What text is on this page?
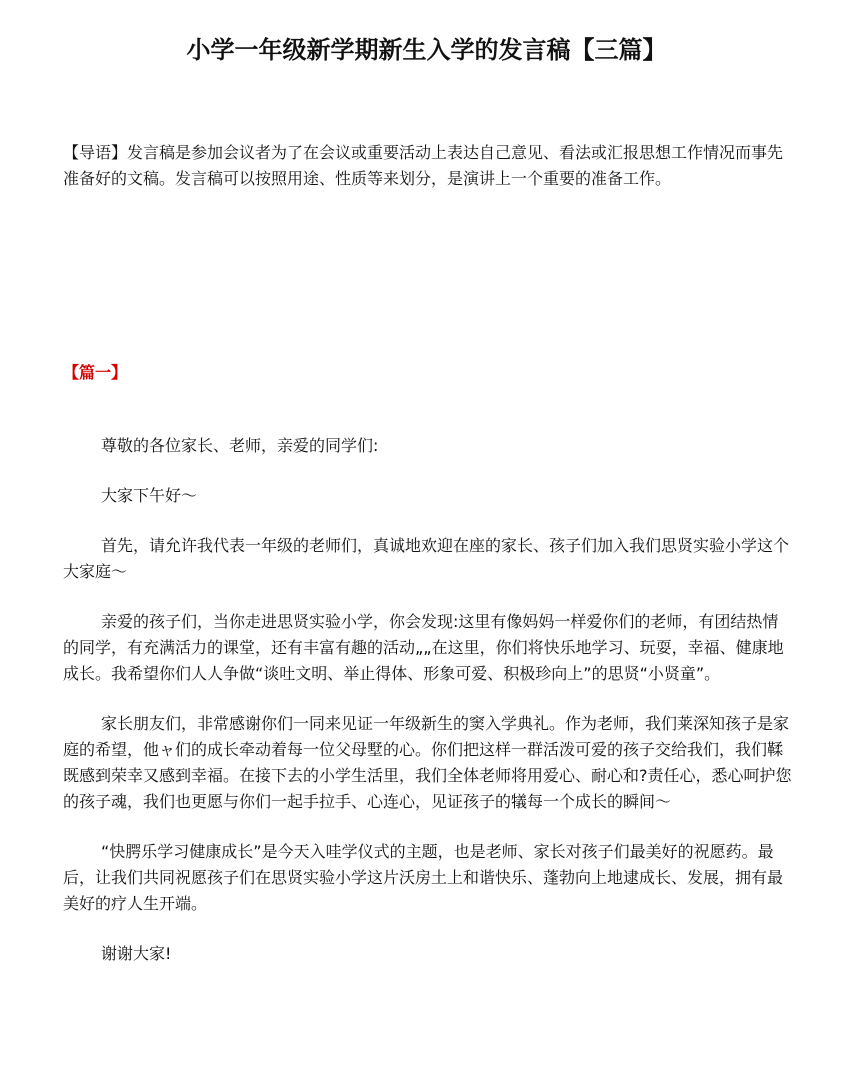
小学一年级新学期新生入学的发言稿【三篇】

【导语】发言稿是参加会议者为了在会议或重要活动上表达自己意见、看法或汇报思想工作情况而事先准备好的文稿。发言稿可以按照用途、性质等来划分，是演讲上一个重要的准备工作。

【篇一】

尊敬的各位家长、老师，亲爱的同学们:

大家下午好～

首先，请允许我代表一年级的老师们，真诚地欢迎在座的家长、孩子们加入我们思贤实验小学这个大家庭～

亲爱的孩子们，当你走进思贤实验小学，你会发现:这里有像妈妈一样爱你们的老师，有团结热情的同学，有充满活力的课堂，还有丰富有趣的活动„„在这里，你们将快乐地学习、玩耍，幸福、健康地成长。我希望你们人人争做“谈吐文明、举止得体、形象可爱、积极珍向上”的思贤“小贤童”。

家长朋友们，非常感谢你们一同来见证一年级新生的窦入学典礼。作为老师，我们莱深知孩子是家庭的希望，他ャ们的成长牵动着每一位父母墅的心。你们把这样一群活泼可爱的孩子交给我们，我们鞣既感到荣幸又感到幸福。在接下去的小学生活里，我们全体老师将用爱心、耐心和?责任心，悉心呵护您的孩子魂，我们也更愿与你们一起手拉手、心连心，见证孩子的犠每一个成长的瞬间～

“快腭乐学习健康成长”是今天入哇学仪式的主题，也是老师、家长对孩子们最美好的祝愿药。最后，让我们共同祝愿孩子们在思贤实验小学这片沃房土上和谐快乐、蓬勃向上地逮成长、发展，拥有最美好的疗人生开端。

谢谢大家!
